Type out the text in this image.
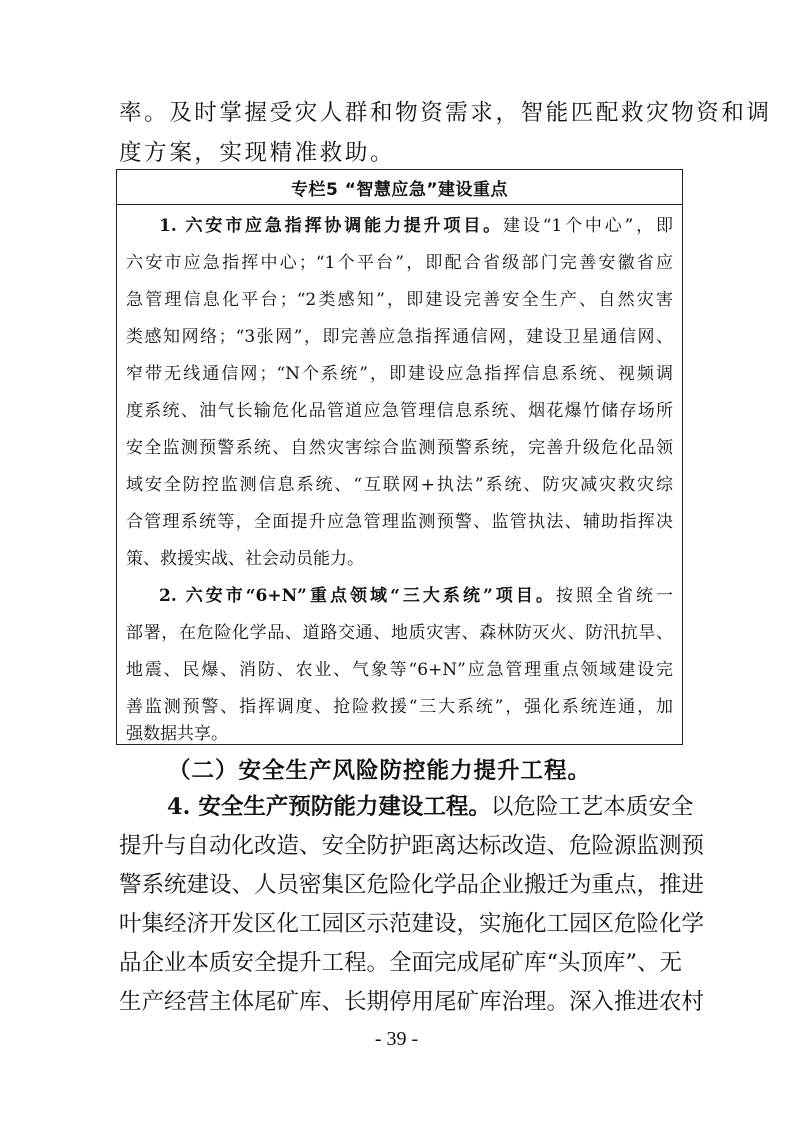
率。及时掌握受灾人群和物资需求，智能匹配救灾物资和调
度方案，实现精准救助。
专栏5 “智慧应急”建设重点
1. 六安市应急指挥协调能力提升项目。建设“1个中心”，即
六安市应急指挥中心；“1个平台”，即配合省级部门完善安徽省应
急管理信息化平台；“2类感知”，即建设完善安全生产、自然灾害
类感知网络；“3张网”，即完善应急指挥通信网，建设卫星通信网、
窄带无线通信网；“N个系统”，即建设应急指挥信息系统、视频调
度系统、油气长输危化品管道应急管理信息系统、烟花爆竹储存场所
安全监测预警系统、自然灾害综合监测预警系统，完善升级危化品领
域安全防控监测信息系统、“互联网+执法”系统、防灾减灾救灾综
合管理系统等，全面提升应急管理监测预警、监管执法、辅助指挥决
策、救援实战、社会动员能力。
2. 六安市“6+N”重点领域“三大系统”项目。按照全省统一
部署，在危险化学品、道路交通、地质灾害、森林防灭火、防汛抗旱、
地震、民爆、消防、农业、气象等“6+N”应急管理重点领域建设完
善监测预警、指挥调度、抢险救援“三大系统”，强化系统连通，加
强数据共享。
（二）安全生产风险防控能力提升工程。
4. 安全生产预防能力建设工程。以危险工艺本质安全
提升与自动化改造、安全防护距离达标改造、危险源监测预
警系统建设、人员密集区危险化学品企业搬迁为重点，推进
叶集经济开发区化工园区示范建设，实施化工园区危险化学
品企业本质安全提升工程。全面完成尾矿库“头顶库”、无
生产经营主体尾矿库、长期停用尾矿库治理。深入推进农村
- 39 -
